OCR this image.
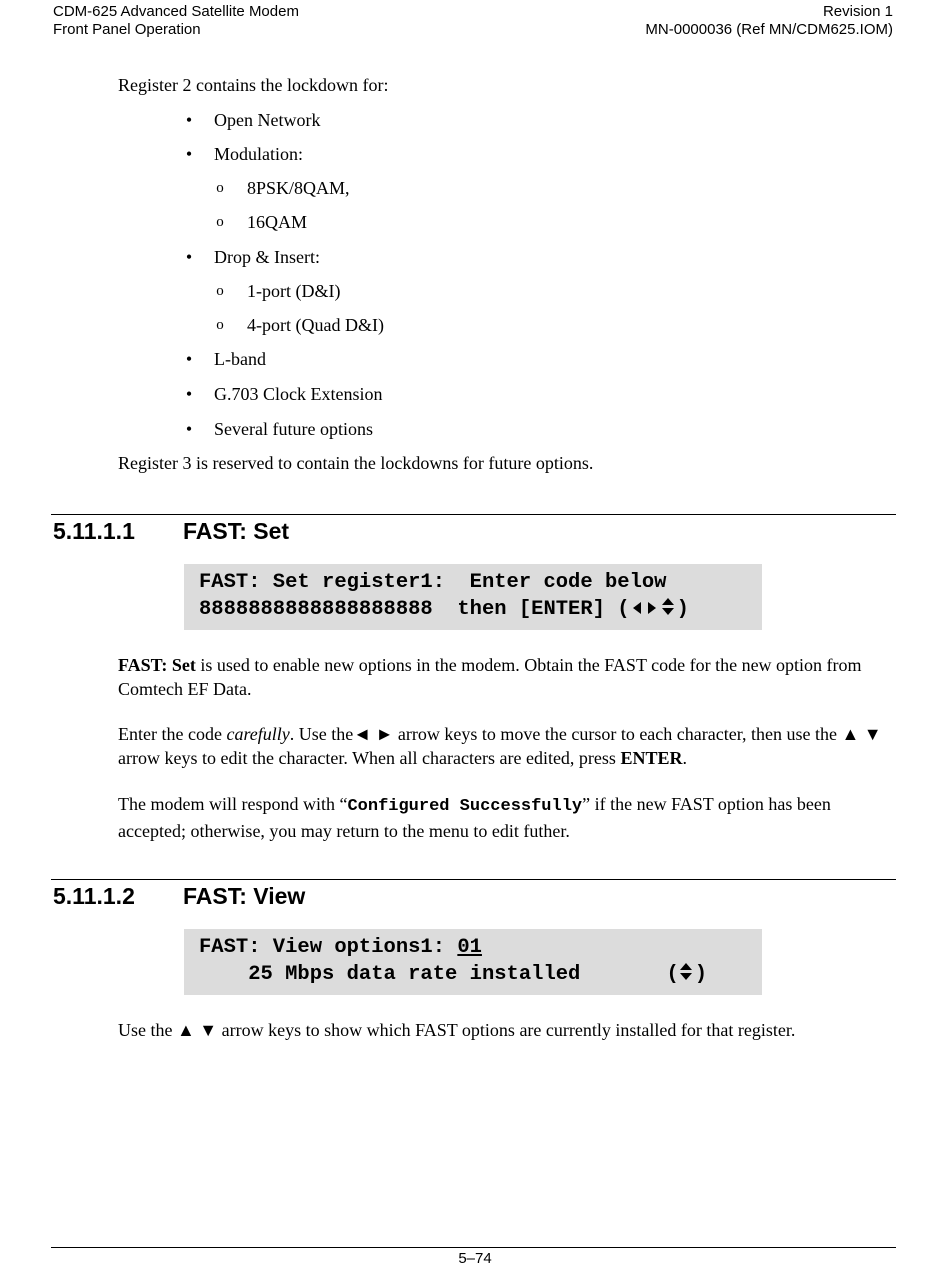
CDM-625 Advanced Satellite Modem
Front Panel Operation
Revision 1
MN-0000036 (Ref MN/CDM625.IOM)
Register 2 contains the lockdown for:
• Open Network
• Modulation:
o 8PSK/8QAM,
o 16QAM
• Drop & Insert:
o 1-port (D&I)
o 4-port (Quad D&I)
• L-band
• G.703 Clock Extension
• Several future options
Register 3 is reserved to contain the lockdowns for future options.
5.11.1.1 FAST: Set
FAST: Set register1:  Enter code below
8888888888888888888  then [ENTER] ( )
FAST: Set is used to enable new options in the modem. Obtain the FAST code for the new option from Comtech EF Data.
Enter the code carefully. Use the◄ ► arrow keys to move the cursor to each character, then use the ▲ ▼ arrow keys to edit the character. When all characters are edited, press ENTER.
The modem will respond with “Configured Successfully” if the new FAST option has been accepted; otherwise, you may return to the menu to edit futher.
5.11.1.2 FAST: View
FAST: View options1: 01
25 Mbps data rate installed       ( )
Use the ▲ ▼ arrow keys to show which FAST options are currently installed for that register.
5–74
